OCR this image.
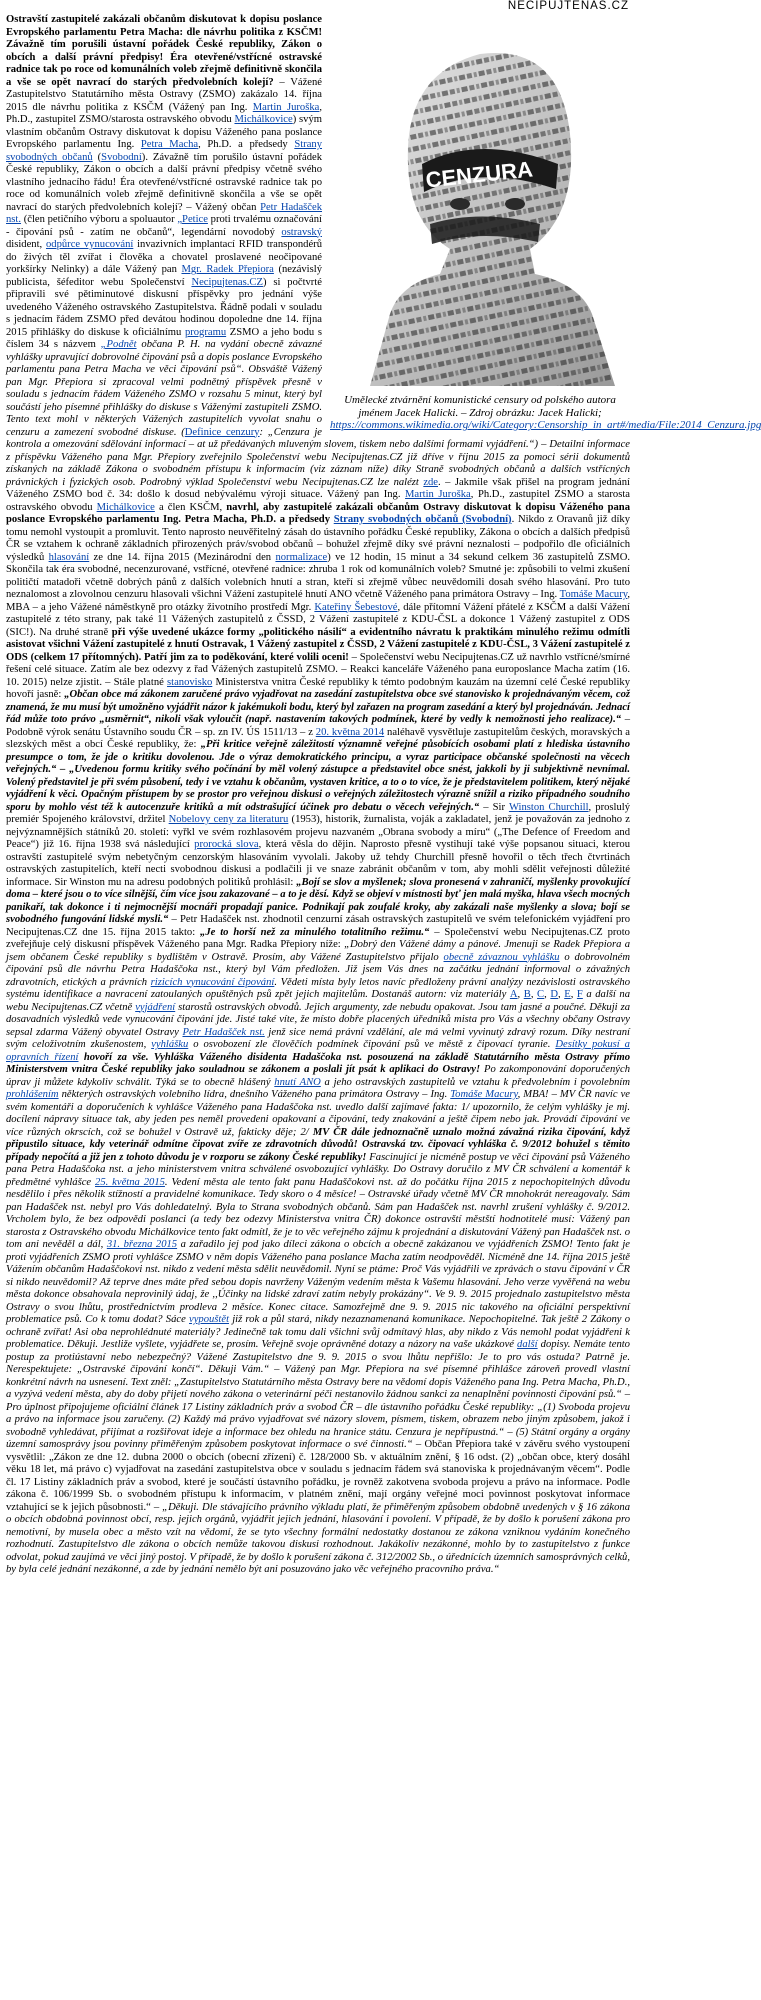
NECIPUJTENAS.CZ
CENZURA
Umělecké ztvárnění komunistické censury od polského autora jménem Jacek Halicki. – Zdroj obrázku: Jacek Halicki;
https://commons.wikimedia.org/wiki/Category:Censorship_in_art#/media/File:2014_Cenzura.jpg

Ostravští zastupitelé zakázali občanům diskutovat k dopisu poslance Evropského parlamentu Petra Macha: dle návrhu politika z KSČM! Závažně tím porušili ústavní pořádek České republiky, Zákon o obcích a další právní předpisy! Éra otevřené/vstřícné ostravské radnice tak po roce od komunálních voleb zřejmě definitivně skončila a vše se opět navrací do starých předvolebních kolejí? – Vážené Zastupitelstvo Statutárního města Ostravy (ZSMO) zakázalo 14. října 2015 dle návrhu politika z KSČM (Vážený pan Ing. Martin Juroška, Ph.D., zastupitel ZSMO/starosta ostravského obvodu Michálkovice) svým vlastním občanům Ostravy diskutovat k dopisu Váženého pana poslance Evropského parlamentu Ing. Petra Macha, Ph.D. a předsedy Strany svobodných občanů (Svobodní). Závažně tím porušilo ústavní pořádek České republiky, Zákon o obcích a další právní předpisy včetně svého vlastního jednacího řádu! Éra otevřené/vstřícné ostravské radnice tak po roce od komunálních voleb zřejmě definitivně skončila a vše se opět navrací do starých předvolebních kolejí? – Vážený občan Petr Hadašček nst. (člen petičního výboru a spoluautor „Petice proti trvalému označování - čipování psů - zatím ne občanů“, legendární novodobý ostravský disident, odpůrce vynucování invazivních implantací RFID transpondérů do živých těl zvířat i člověka a chovatel proslavené neočipované yorkšírky Nelinky) a dále Vážený pan Mgr. Radek Přepiora (nezávislý publicista, šéfeditor webu Společenství Necipujtenas.CZ) si počtvrté připravili své pětiminutové diskusní příspěvky pro jednání výše uvedeného Váženého ostravského Zastupitelstva. Řádně podali v souladu s jednacím řádem ZSMO před devátou hodinou dopoledne dne 14. října 2015 přihlášky do diskuse k oficiálnímu programu ZSMO a jeho bodu s číslem 34 s názvem „Podnět občana P. H. na vydání obecně závazné vyhlášky upravující dobrovolné čipování psů a dopis poslance Evropského parlamentu pana Petra Macha ve věci čipování psů“. Obsváště Vážený pan Mgr. Přepiora si zpracoval velmi podnětný příspěvek přesně v souladu s jednacím řádem Váženého ZSMO v rozsahu 5 minut, který byl součástí jeho písemné přihlášky do diskuse s Váženými zastupiteli ZSMO. Tento text mohl v některých Vážených zastupitelích vyvolat snahu o cenzuru a zamezení svobodné diskuse. (Definice cenzury: „Cenzura je kontrola a omezování sdělování informací – at už předávaných mluveným slovem, tiskem nebo dalšími formami vyjádření.“) – Detailní informace z příspěvku Váženého pana Mgr. Přepiory zveřejnilo Společenství webu Necipujtenas.CZ již dříve v říjnu 2015 za pomoci sérii dokumentů získaných na základě Zákona o svobodném přístupu k informacím (viz záznam níže) díky Straně svobodných občanů a dalších vstřícných právnických i fyzických osob. Podrobný výklad Společenství webu Necipujtenas.CZ lze nalézt zde. – Jakmile však přišel na program jednání Váženého ZSMO bod č. 34: došlo k dosud nebývalému výroji situace. Vážený pan Ing. Martin Juroška, Ph.D., zastupitel ZSMO a starosta ostravského obvodu Michálkovice a člen KSČM, navrhl, aby zastupitelé zakázali občanům Ostravy diskutovat k dopisu Váženého pana poslance Evropského parlamentu Ing. Petra Macha, Ph.D. a předsedy Strany svobodných občanů (Svobodní). Nikdo z Oravanů již díky tomu nemohl vystoupit a promluvit. Tento naprosto neuvěřitelný zásah do ústavního pořádku České republiky, Zákona o obcích a dalších předpisů ČR se vztahem k ochraně základních přirozených práv/svobod občanů – bohužel zřejmě díky své právní neznalosti – podpořilo dle oficiálních výsledků hlasování ze dne 14. října 2015 (Mezinárodní den normalizace) ve 12 hodin, 15 minut a 34 sekund celkem 36 zastupitelů ZSMO. Skončila tak éra svobodné, necenzurované, vstřícné, otevřené radnice: zhruba 1 rok od komunálních voleb? Smutné je: způsobili to velmi zkušení političtí matadoři včetně dobrých pánů z dalších volebních hnutí a stran, kteří si zřejmě vůbec neuvědomili dosah svého hlasování. Pro tuto neznalomost a zlovolnou cenzuru hlasovali všichni Vážení zastupitelé hnutí ANO včetně Váženého pana primátora Ostravy – Ing. Tomáše Macury, MBA – a jeho Vážené náměstkyně pro otázky životního prostředí Mgr. Kateřiny Šebestové, dále přítomní Vážení přátelé z KSČM a další Vážení zastupitelé z této strany, pak také 11 Vážených zastupitelů z ČSSD, 2 Vážení zastupitelé z KDU-ČSL a dokonce 1 Vážený zastupitel z ODS (SIC!). Na druhé straně při výše uvedené ukázce formy „politického násilí“ a evidentního návratu k praktikám minulého režimu odmítli asistovat všichni Vážení zastupitelé z hnutí Ostravak, 1 Vážený zastupitel z ČSSD, 2 Vážení zastupitelé z KDU-ČSL, 3 Vážení zastupitelé z ODS (celkem 17 přítomných). Patří jim za to poděkování, které volili oceni! – Společenství webu Necipujtenas.CZ už navrhlo vstřícné/smírné řešení celé situace. Zatím ale bez odezvy z řad Vážených zastupitelů ZSMO. – Reakci kanceláře Váženého pana europoslance Macha zatím (16. 10. 2015) nelze zjistit. – Stále platné stanovisko Ministerstva vnitra České republiky k témto podobným kauzám na územní celé České republiky hovoří jasně: „Občan obce má zákonem zaručené právo vyjadřovat na zasedání zastupitelstva obce své stanovisko k projednávaným věcem, což znamená, že mu musí být umožněno vyjádřit názor k jakémukoli bodu, který byl zařazen na program zasedání a který byl projednáván. Jednací řád může toto právo „usměrnit“, nikoli však vyloučit (např. nastavením takových podmínek, které by vedly k nemožnosti jeho realizace).“ – Podobně výrok senátu Ústavního soudu ČR – sp. zn IV. ÚS 1511/13 – z 20. května 2014 naléhavě vysvětluje zastupitelům českých, moravských a slezských měst a obcí České republiky, že: „Při kritice veřejně záležitostí významně veřejné působících osobami platí z hlediska ústavního presumpce o tom, že jde o kritiku dovolenou. Jde o výraz demokratického principu, a vyraz participace občanské společnosti na věcech veřejných.“ – „Uvedenou formu kritiky svého počínání by měl volený zástupce a představitel obce snést, jakkoli by ji subjektivně nevnímal. Volený představitel je při svém působení, tedy i ve vztahu k občanům, vystaven kritice, a to o to více, že je představitelem politikem, který nějaké vyjádření k věci. Opačným přístupem by se prostor pro veřejnou diskusi o veřejných záležitostech výrazně snížil a riziko případného soudního sporu by mohlo vést též k autocenzuře kritiků a mít odstrašující účinek pro debatu o věcech veřejných.“ – Sir Winston Churchill, proslulý premiér Spojeného království, držitel Nobelovy ceny za literaturu (1953), historik, žurnalista, voják a zakladatel, jenž je považován za jednoho z nejvýznamnějších státníků 20. století: vyřkl ve svém rozhlasovém projevu nazvaném „Obrana svobody a míru“ („The Defence of Freedom and Peace“) již 16. října 1938 svá následující prorocká slova, která věsla do dějin. Naprosto přesně vystihují také výše popsanou situaci, kterou ostravští zastupitelé svým nebetyčným cenzorským hlasováním vyvolali. Jakoby už tehdy Churchill přesně hovořil o těch třech čtvrtinách ostravských zastupitelích, kteří necti svobodnou diskusi a podlačili ji ve snaze zabránit občanům v tom, aby mohli sdělit veřejnosti důležité informace. Sir Winston mu na adresu podobných politiků prohlásil: „Bojí se slov a myšlenek; slova pronesená v zahraničí, myšlenky provokující doma – které jsou o to více silnější, čím více jsou zakazované – a to je děsí. Když se objeví v místnosti byť jen malá myška, hlava všech mocných panikaří, tak dokonce i ti nejmocnější mocnáři propadají panice. Podnikají pak zoufalé kroky, aby zakázali naše myšlenky a slova; bojí se svobodného fungování lidské mysli.“ – Petr Hadašček nst. zhodnotil cenzurní zásah ostravských zastupitelů ve svém telefonickém vyjádření pro Necipujtenas.CZ dne 15. října 2015 takto: „Je to horší než za minulého totalitního režimu.“ – Společenství webu Necipujtenas.CZ proto zveřejňuje celý diskusní příspěvek Váženého pana Mgr. Radka Přepiory níže: „Dobrý den Vážené dámy a pánové. Jmenuji se Radek Přepiora a jsem občanem České republiky s bydlištěm v Ostravě. Prosím, aby Vážené Zastupitelstvo přijalo obecně závaznou vyhlášku o dobrovolném čipování psů dle návrhu Petra Hadaščoka nst., který byl Vám předložen. Již jsem Vás dnes na začátku jednání informoval o závažných zdravotních, etických a právních rizicích vynucování čipování. Vědeti místa byly letos navíc předloženy právní analýzy nezávislosti ostravského systému identifikace a navracení zatoulaných opuštěných psů zpět jejich majitelům. Dostanáš autorn: viz materiály A, B, C, D, E, F a další na webu Necipujtenas.CZ včetně vyjádření starostů ostravských obvodů. Jejich argumenty, zde nebudu opakovat. Jsou tam jasné a poučné. Děkuji za dosavadních výsledků vede vynucování čipování jde. Jisté také víte, že místo dobře placených úředníků mista pro Vás a všechny občany Ostravy sepsal zdarma Vážený obyvatel Ostravy Petr Hadašček nst. jenž sice nemá právní vzdělání, ale má velmi vyvinutý zdravý rozum. Díky nestraní svým celoživotním zkušenostem, vyhlášku o osvobození zle člověčích podmínek čipování psů ve městě z čipovací tyranie. Desítky pokusí a opravních řízení hovoří za vše. Vyhláška Váženého disidenta Hadaščoka nst. posouzená na základě Statutárního města Ostravy přímo Ministerstvem vnitra České republiky jako souladnou se zákonem a poslali jít psát k aplikaci do Ostravy! Po zakomponování doporučených úprav ji můžete kdykoliv schválit. Týká se to obecně hlášený hnutí ANO a jeho ostravských zastupitelů ve vztahu k předvolebním i povolebním prohlášením některých ostravských volebního lídra, dnešního Váženého pana primátora Ostravy – Ing. Tomáše Macury, MBA! – MV ČR navíc ve svém komentáři a doporučeních k vyhlášce Váženého pana Hadaščoka nst. uvedlo další zajímavé fakta: 1/ upozornilo, že celým vyhlášky je mj. docílení nápravy situace tak, aby jeden pes neměl provedeni opakovaní a čipování, tedy znakování a ještě čipem nebo jak. Provádí čipování ve více různých okrscích, což se bohužel v Ostravě už, fakticky děje; 2/ MV ČR dále jednoznačně uznalo možná závažná rizika čipování, když připustilo situace, kdy veterinář odmítne čipovat zvíře ze zdravotních důvodů! Ostravská tzv. čipovací vyhláška č. 9/2012 bohužel s těmito případy nepočítá a již jen z tohoto důvodu je v rozporu se zákony České republiky! Fascinující je nicméně postup ve věci čipování psů Váženého pana Petra Hadaščoka nst. a jeho ministerstvem vnitra schválené osvobozující vyhlášky. Do Ostravy doručilo z MV ČR schválení a komentář k předmětné vyhlášce 25. května 2015. Vedení města ale tento fakt panu Hadaščokovi nst. až do počátku října 2015 z nepochopitelných důvodu nesdělilo i přes několik stížností a pravidelné komunikace. Tedy skoro o 4 měsíce! – Ostravské úřady včetně MV ČR mnohokrát nereagovaly. Sám pan Hadašček nst. nebyl pro Vás dohledatelný. Byla to Strana svobodných občanů. Sám pan Hadašček nst. navrhl zrušení vyhlášky č. 9/2012. Vrcholem bylo, že bez odpovědi poslanci (a tedy bez odezvy Ministerstva vnitra ČR) dokonce ostravští městští hodnotitelé musí: Vážený pan starosta z Ostravského obvodu Michálkovice tento fakt odmítl, že je to věc veřejného zájmu k projednání a diskutování Vážený pan Hadašček nst. o tom ani nevěděl a dál, 31. března 2015 a zařadilo jej pod jako díleci zákona o obcích a obecně zakázanou ve vyjádřeních ZSMO! Tento fakt je proti vyjádřeních ZSMO proti vyhlášce ZSMO v něm dopis Váženého pana poslance Macha zatím neodpověděl. Nicméně dne 14. října 2015 ještě Vážením občanům Hadaščokovi nst. nikdo z vedení města sdělit neuvědomil. Nyní se ptáme: Proč Vás vyjádřili ve zprávách o stavu čipování v ČR si nikdo neuvědomil? Až teprve dnes máte před sebou dopis navrženy Váženým vedením města k Vašemu hlasování. Jeho verze vyvěřená na webu města dokonce obsahovala neprovinilý údaj, že ,,Účinky na lidské zdraví zatím nebyly prokázány“. Ve 9. 9. 2015 projednalo zastupitelstvo města Ostravy o svou lhůtu, prostřednictvím prodleva 2 měsíce. Konec citace. Samozřejmě dne 9. 9. 2015 nic takového na oficiální perspektivní problematice psů. Co k tomu dodat? Sáce vypouštět již rok a půl stará, nikdy nezaznamenaná komunikace. Nepochopitelné. Tak ještě 2 Zákony o ochraně zvířat! Asi oba neprohlédnuté materiály? Jedinečně tak tomu dali všichni svůj odmítavý hlas, aby nikdo z Vás nemohl podat vyjádřeni k problematice. Děkuji. Jestliže vyšlete, vyjádřete se, prosím. Veřejně svoje oprávněné dotazy a názory na vaše ukázkové další dopisy. Nemáte tento postup za protiústavní nebo nebezpečný? Vážené Zastupitelstvo dne 9. 9. 2015 o svou lhůtu nepřišlo: Je to pro vás ostuda? Patrně je. Nerespektujete: „Ostravské čipování končí“. Děkuji Vám.“ – Vážený pan Mgr. Přepiora na své písemné přihlášce zároveň provedl vlastní konkrétní návrh na usnesení. Text zněl: „Zastupitelstvo Statutárního města Ostravy bere na vědomí dopis Váženého pana Ing. Petra Macha, Ph.D., a vyzývá vedení města, aby do doby přijetí nového zákona o veterinární péči nestanovilo žádnou sankci za nenaplnění povinnosti čipování psů.“ – Pro úplnost připojujeme oficiální článek 17 Listiny základních práv a svobod ČR – dle ústavního pořádku České republiky: „(1) Svoboda projevu a právo na informace jsou zaručeny. (2) Každý má právo vyjadřovat své názory slovem, písmem, tiskem, obrazem nebo jiným způsobem, jakož i svobodně vyhledávat, přijímat a rozšiřovat ideje a informace bez ohledu na hranice státu. Cenzura je nepřípustná.“ – (5) Státní orgány a orgány územní samosprávy jsou povinny přiměřeným způsobem poskytovat informace o své činnosti.“ – Občan Přepiora také v závěru svého vystoupení vysvětlil: „Zákon ze dne 12. dubna 2000 o obcích (obecní zřízení) č. 128/2000 Sb. v aktuálním znění, § 16 odst. (2) „občan obce, který dosáhl věku 18 let, má právo c) vyjadřovat na zasedání zastupitelstva obce v souladu s jednacím řádem svá stanoviska k projednávaným věcem“. Podle čl. 17 Listiny základních práv a svobod, které je součástí ústavního pořádku, je rovněž zakotvena svoboda projevu a právo na informace. Podle zákona č. 106/1999 Sb. o svobodném přístupu k informacím, v platném znění, mají orgány veřejné moci povinnost poskytovat informace vztahující se k jejich působnosti.“ – „Děkuji. Dle stávajícího právního výkladu platí, že přiměřeným způsobem obdobně uvedených v § 16 zákona o obcích obdobná povinnost obcí, resp. jejich orgánů, vyjádřit jejich jednání, hlasování i povolení. V případě, že by došlo k porušení zákona pro nemotivní, by musela obec a město vzít na vědomí, že se tyto všechny formální nedostatky dostanou ze zákona vzniknou vydáním konečného rozhodnutí. Zastupitelstvo dle zákona o obcích nemůže takovou diskusi rozhodnout. Jakákoliv nezákonné, mohlo by to zastupitelstvo z funkce odvolat, pokud zaujímá ve věci jiný postoj. V případě, že by došlo k porušení zákona č. 312/2002 Sb., o úřednících územních samosprávných celků, by byla celé jednání nezákonné, a zde by jednání nemělo být ani posuzováno jako věc veřejného pracovního práva.“
